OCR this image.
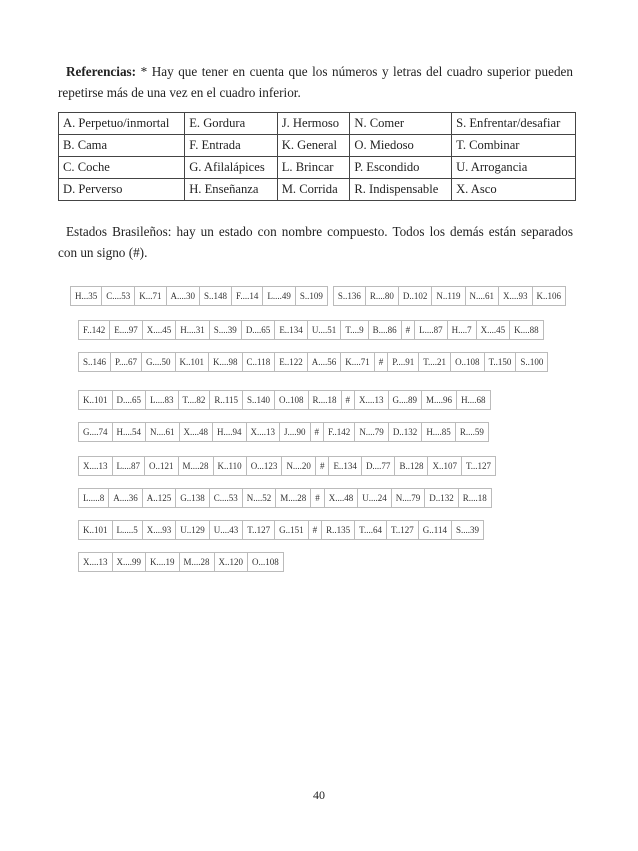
Referencias: * Hay que tener en cuenta que los números y letras del cuadro superior pueden repetirse más de una vez en el cuadro inferior.
A. Perpetuo/inmortal	E. Gordura	J. Hermoso	N. Comer	S. Enfrentar/desafiar
B. Cama	F. Entrada	K. General	O. Miedoso	T. Combinar
C. Coche	G. Afilalápices	L. Brincar	P. Escondido	U. Arrogancia
D. Perverso	H. Enseñanza	M. Corrida	R. Indispensable	X. Asco
Estados Brasileños: hay un estado con nombre compuesto. Todos los demás están separados con un signo (#).
H...35	C....53	K...71	A....30	S..148	F....14	L....49	S..109	S..136	R....80	D..102	N..119	N....61	X....93	K..106
F..142	E....97	X....45	H....31	S....39	D....65	E..134	U....51	T....9	B....86	#	L....87	H....7	X....45	K....88
S..146	P....67	G....50	K..101	K....98	C..118	E..122	A....56	K....71	#	P....91	T....21	O..108	T..150	S..100
K..101	D....65	L....83	T....82	R..115	S..140	O..108	R....18	#	X....13	G....89	M....96	H....68
G....74	H....54	N....61	X....48	H....94	X....13	J....90	#	F..142	N....79	D..132	H....85	R....59
X....13	L....87	O..121	M....28	K..110	O...123	N....20	#	E..134	D....77	B..128	X..107	T...127
L.....8	A....36	A..125	G..138	C....53	N....52	M....28	#	X....48	U....24	N....79	D..132	R....18
K..101	L.....5	X....93	U..129	U....43	T..127	G..151	#	R..135	T....64	T..127	G..114	S....39
X....13	X....99	K....19	M....28	X..120	O...108
40
